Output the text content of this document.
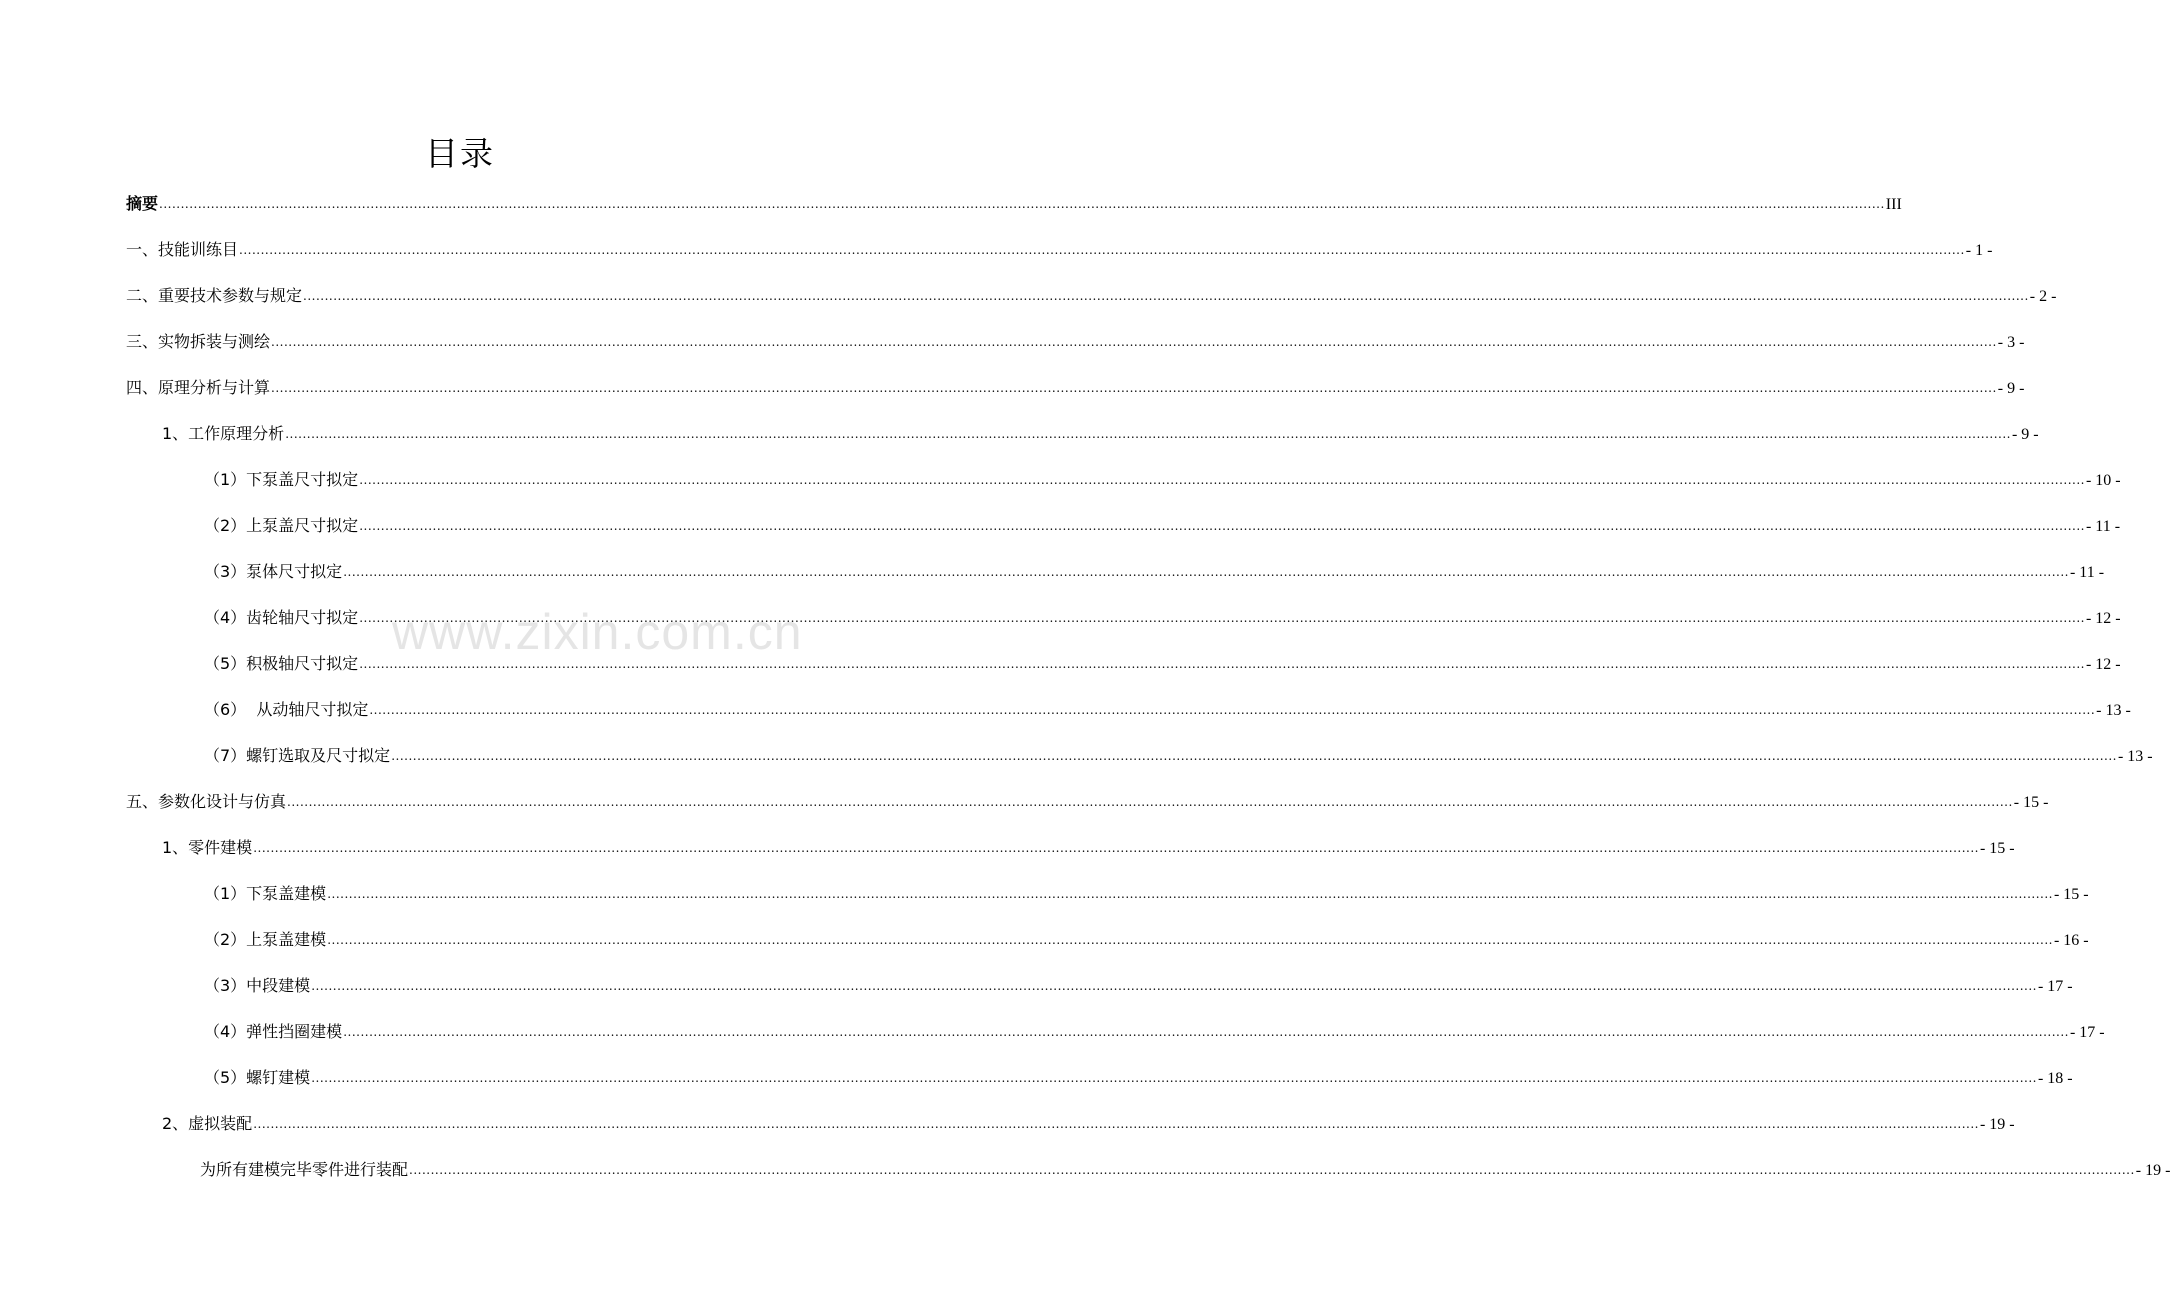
目录
摘要 ................................................................................................................................................................................................................................................................................................................................................................................................................ III
一、技能训练目 ................................................................................................................................................................................................................................................................................................................................................................................................................ - 1 -
二、重要技术参数与规定 ................................................................................................................................................................................................................................................................................................................................................................................................................ - 2 -
三、实物拆装与测绘 ................................................................................................................................................................................................................................................................................................................................................................................................................ - 3 -
四、原理分析与计算 ................................................................................................................................................................................................................................................................................................................................................................................................................ - 9 -
1、工作原理分析 ................................................................................................................................................................................................................................................................................................................................................................................................................ - 9 -
（1）下泵盖尺寸拟定 ................................................................................................................................................................................................................................................................................................................................................................................................................ - 10 -
（2）上泵盖尺寸拟定 ................................................................................................................................................................................................................................................................................................................................................................................................................ - 11 -
（3）泵体尺寸拟定 ................................................................................................................................................................................................................................................................................................................................................................................................................ - 11 -
（4）齿轮轴尺寸拟定 ................................................................................................................................................................................................................................................................................................................................................................................................................ - 12 -
（5）积极轴尺寸拟定 ................................................................................................................................................................................................................................................................................................................................................................................................................ - 12 -
（6）  从动轴尺寸拟定 ................................................................................................................................................................................................................................................................................................................................................................................................................ - 13 -
（7）螺钉选取及尺寸拟定 ................................................................................................................................................................................................................................................................................................................................................................................................................ - 13 -
五、参数化设计与仿真 ................................................................................................................................................................................................................................................................................................................................................................................................................ - 15 -
1、零件建模 ................................................................................................................................................................................................................................................................................................................................................................................................................ - 15 -
（1）下泵盖建模 ................................................................................................................................................................................................................................................................................................................................................................................................................ - 15 -
（2）上泵盖建模 ................................................................................................................................................................................................................................................................................................................................................................................................................ - 16 -
（3）中段建模 ................................................................................................................................................................................................................................................................................................................................................................................................................ - 17 -
（4）弹性挡圈建模 ................................................................................................................................................................................................................................................................................................................................................................................................................ - 17 -
（5）螺钉建模 ................................................................................................................................................................................................................................................................................................................................................................................................................ - 18 -
2、虚拟装配 ................................................................................................................................................................................................................................................................................................................................................................................................................ - 19 -
为所有建模完毕零件进行装配 ................................................................................................................................................................................................................................................................................................................................................................................................................ - 19 -
www.zixin.com.cn
